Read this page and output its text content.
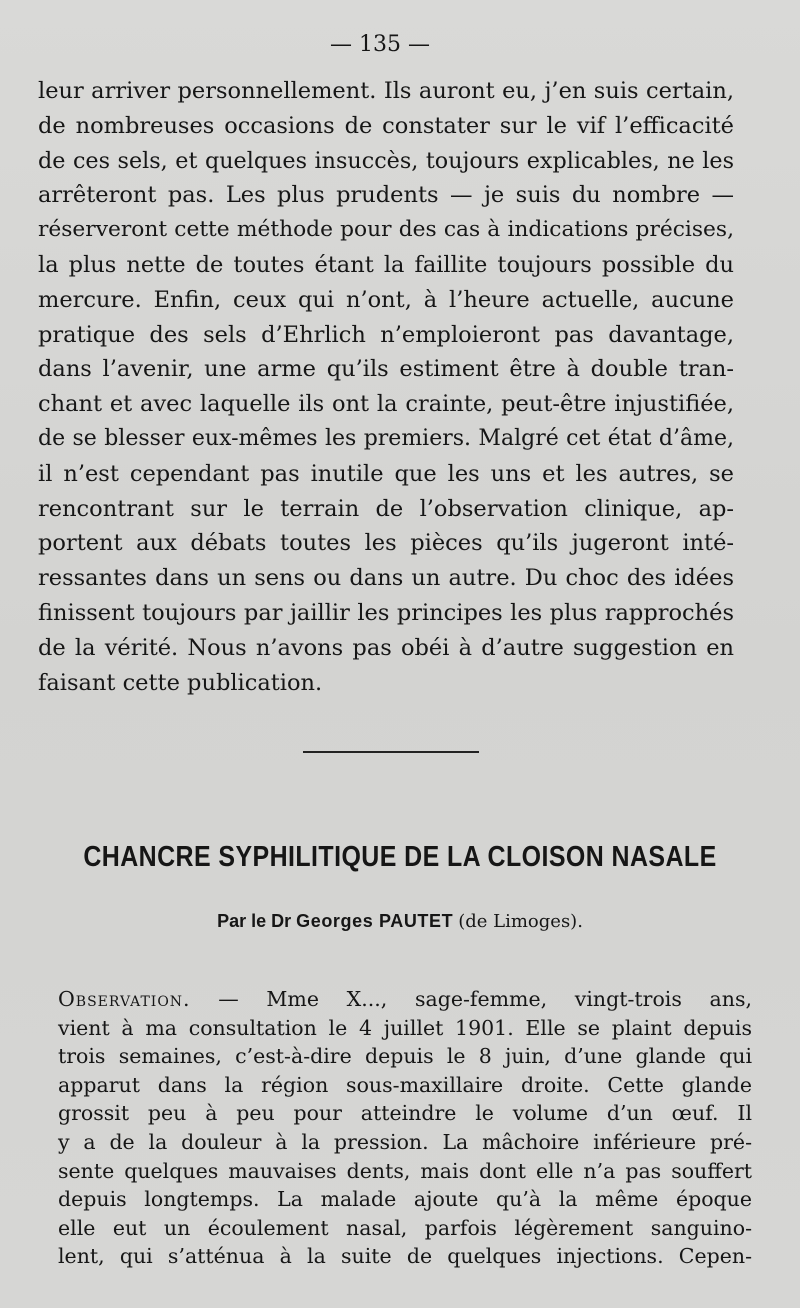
— 135 —
leur arriver personnellement. Ils auront eu, j’en suis certain,
de nombreuses occasions de constater sur le vif l’efficacité
de ces sels, et quelques insuccès, toujours explicables, ne les
arrêteront pas. Les plus prudents — je suis du nombre —
réserveront cette méthode pour des cas à indications précises,
la plus nette de toutes étant la faillite toujours possible du
mercure. Enfin, ceux qui n’ont, à l’heure actuelle, aucune
pratique des sels d’Ehrlich n’emploieront pas davantage,
dans l’avenir, une arme qu’ils estiment être à double tran-
chant et avec laquelle ils ont la crainte, peut-être injustifiée,
de se blesser eux-mêmes les premiers. Malgré cet état d’âme,
il n’est cependant pas inutile que les uns et les autres, se
rencontrant sur le terrain de l’observation clinique, ap-
portent aux débats toutes les pièces qu’ils jugeront inté-
ressantes dans un sens ou dans un autre. Du choc des idées
finissent toujours par jaillir les principes les plus rapprochés
de la vérité. Nous n’avons pas obéi à d’autre suggestion en
faisant cette publication.
CHANCRE SYPHILITIQUE DE LA CLOISON NASALE
Par le Dr Georges PAUTET (de Limoges).
Observation. — Mme X..., sage-femme, vingt-trois ans,
vient à ma consultation le 4 juillet 1901. Elle se plaint depuis
trois semaines, c’est-à-dire depuis le 8 juin, d’une glande qui
apparut dans la région sous-maxillaire droite. Cette glande
grossit peu à peu pour atteindre le volume d’un œuf. Il
y a de la douleur à la pression. La mâchoire inférieure pré-
sente quelques mauvaises dents, mais dont elle n’a pas souffert
depuis longtemps. La malade ajoute qu’à la même époque
elle eut un écoulement nasal, parfois légèrement sanguino-
lent, qui s’atténua à la suite de quelques injections. Cepen-
